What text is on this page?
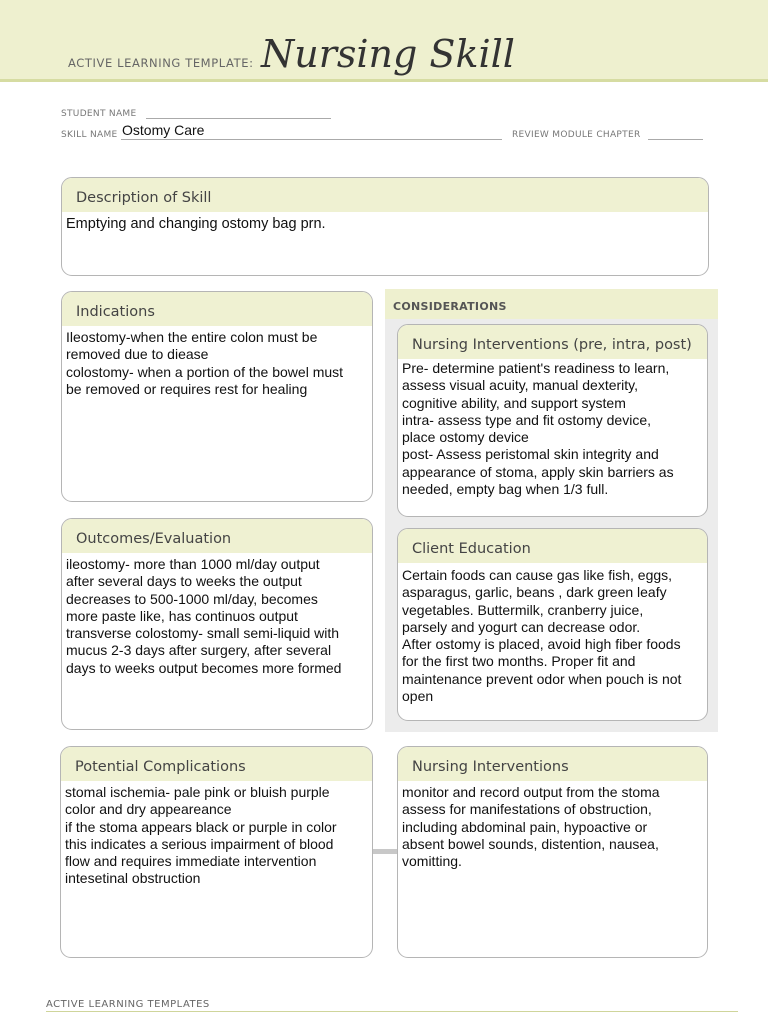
ACTIVE LEARNING TEMPLATE: Nursing Skill
STUDENT NAME
SKILL NAME Ostomy Care	REVIEW MODULE CHAPTER
Description of Skill
Emptying and changing ostomy bag prn.
Indications
Ileostomy-when the entire colon must be
removed due to diease
colostomy- when a portion of the bowel must
be removed or requires rest for healing
Outcomes/Evaluation
ileostomy- more than 1000 ml/day output
after several days to weeks the output
decreases to 500-1000 ml/day, becomes
more paste like, has continuos output
transverse colostomy- small semi-liquid with
mucus 2-3 days after surgery, after several
days to weeks output becomes more formed
CONSIDERATIONS
Nursing Interventions (pre, intra, post)
Pre- determine patient's readiness to learn,
assess visual acuity, manual dexterity,
cognitive ability, and support system
intra- assess type and fit ostomy device,
place ostomy device
post- Assess peristomal skin integrity and
appearance of stoma, apply skin barriers as
needed, empty bag when 1/3 full.
Client Education
Certain foods can cause gas like fish, eggs,
asparagus, garlic, beans , dark green leafy
vegetables. Buttermilk, cranberry juice,
parsely and yogurt can decrease odor.
After ostomy is placed, avoid high fiber foods
for the first two months. Proper fit and
maintenance prevent odor when pouch is not
open
Potential Complications
stomal ischemia- pale pink or bluish purple
color and dry appeareance
if the stoma appears black or purple in color
this indicates a serious impairment of blood
flow and requires immediate intervention
intesetinal obstruction
Nursing Interventions
monitor and record output from the stoma
assess for manifestations of obstruction,
including abdominal pain, hypoactive or
absent bowel sounds, distention, nausea,
vomitting.
ACTIVE LEARNING TEMPLATES
